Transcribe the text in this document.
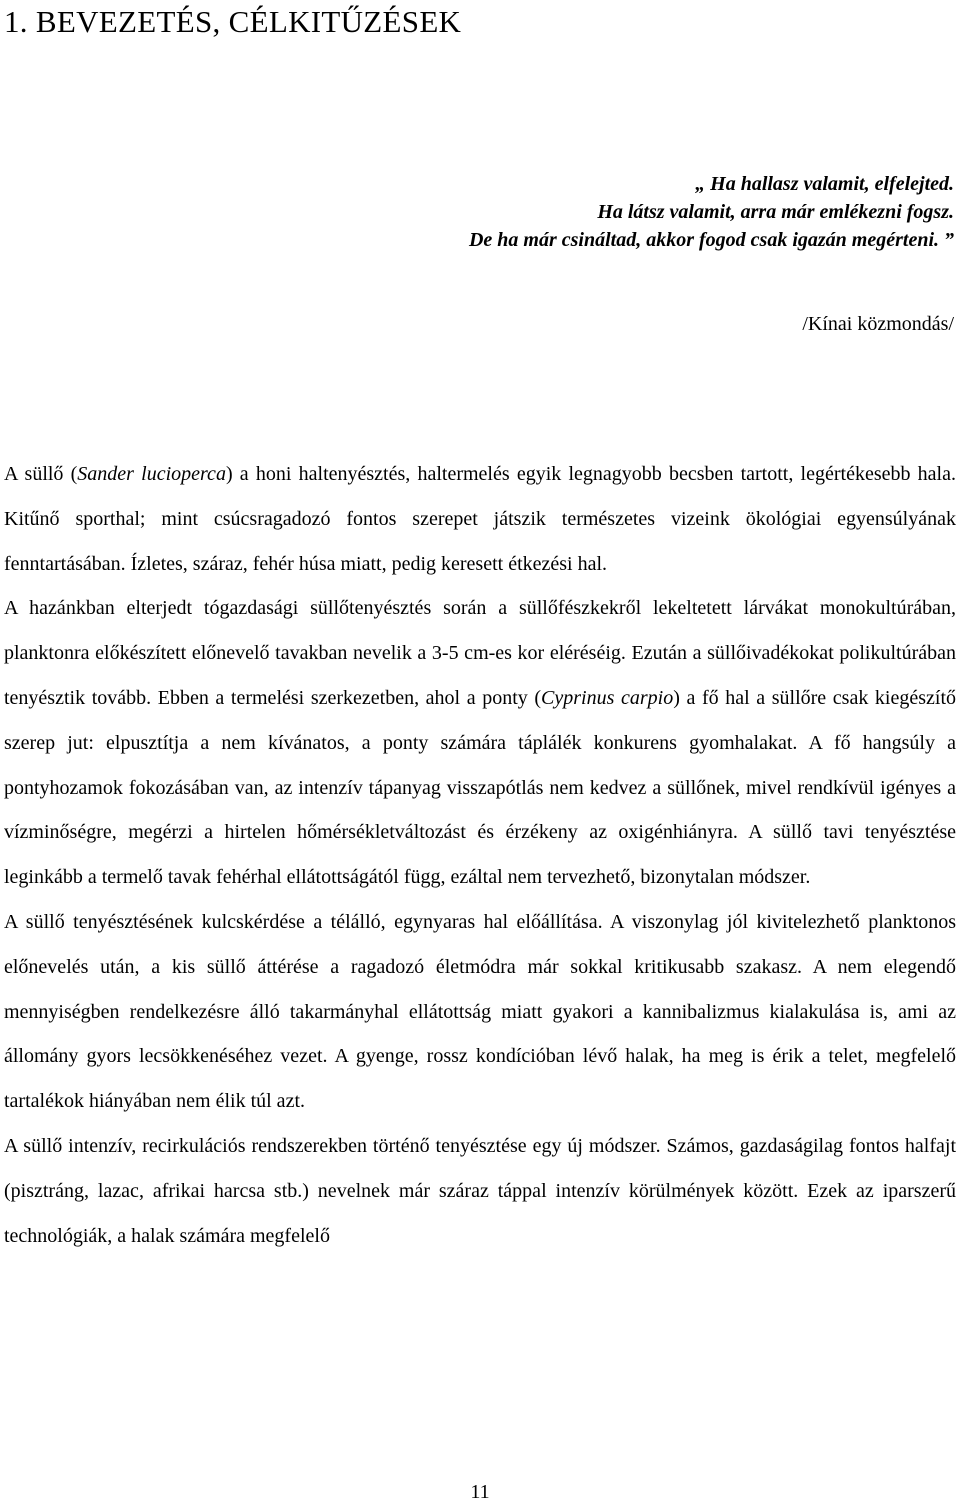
1. BEVEZETÉS, CÉLKITŰZÉSEK
„ Ha hallasz valamit, elfelejted.
Ha látsz valamit, arra már emlékezni fogsz.
De ha már csináltad, akkor fogod csak igazán megérteni. ”
/Kínai közmondás/

A süllő (Sander lucioperca) a honi haltenyésztés, haltermelés egyik legnagyobb becsben tartott, legértékesebb hala. Kitűnő sporthal; mint csúcsragadozó fontos szerepet játszik természetes vizeink ökológiai egyensúlyának fenntartásában. Ízletes, száraz, fehér húsa miatt, pedig keresett étkezési hal.

A hazánkban elterjedt tógazdasági süllőtenyésztés során a süllőfészkekről lekeltetett lárvákat monokultúrában, planktonra előkészített előnevelő tavakban nevelik a 3-5 cm-es kor eléréséig. Ezután a süllőivadékokat polikultúrában tenyésztik tovább. Ebben a termelési szerkezetben, ahol a ponty (Cyprinus carpio) a fő hal a süllőre csak kiegészítő szerep jut: elpusztítja a nem kívánatos, a ponty számára táplálék konkurens gyomhalakat. A fő hangsúly a pontyhozamok fokozásában van, az intenzív tápanyag visszapótlás nem kedvez a süllőnek, mivel rendkívül igényes a vízminőségre, megérzi a hirtelen hőmérsékletváltozást és érzékeny az oxigénhiányra. A süllő tavi tenyésztése leginkább a termelő tavak fehérhal ellátottságától függ, ezáltal nem tervezhető, bizonytalan módszer.

A süllő tenyésztésének kulcskérdése a télálló, egynyaras hal előállítása. A viszonylag jól kivitelezhető planktonos előnevelés után, a kis süllő áttérése a ragadozó életmódra már sokkal kritikusabb szakasz. A nem elegendő mennyiségben rendelkezésre álló takarmányhal ellátottság miatt gyakori a kannibalizmus kialakulása is, ami az állomány gyors lecsökkenéséhez vezet. A gyenge, rossz kondícióban lévő halak, ha meg is érik a telet, megfelelő tartalékok hiányában nem élik túl azt.

A süllő intenzív, recirkulációs rendszerekben történő tenyésztése egy új módszer. Számos, gazdaságilag fontos halfajt (pisztráng, lazac, afrikai harcsa stb.) nevelnek már száraz táppal intenzív körülmények között. Ezek az iparszerű technológiák, a halak számára megfelelő

11
